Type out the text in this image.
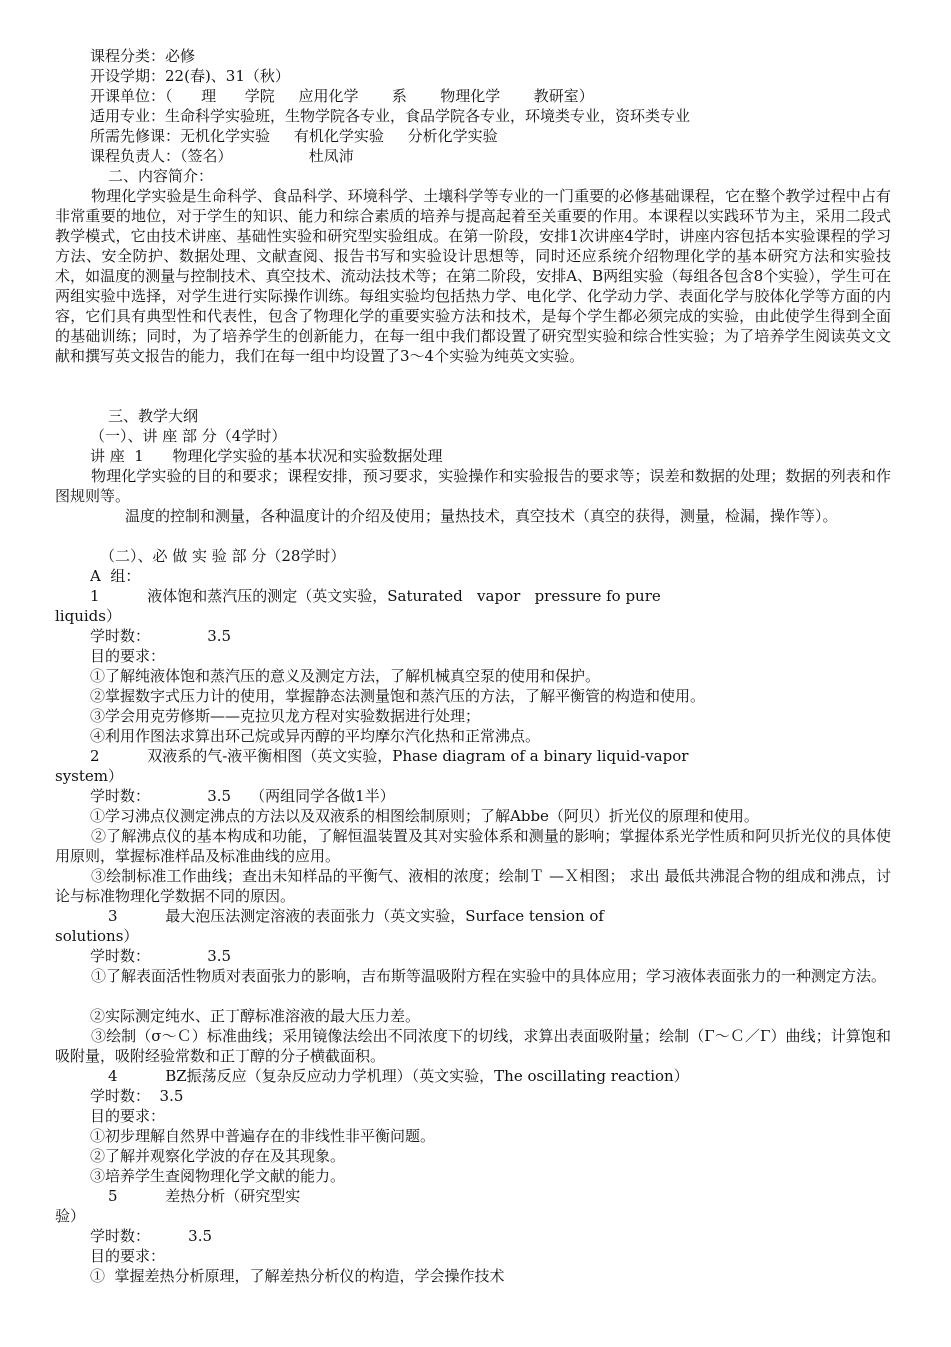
课程分类：必修
开设学期：22(春)、31（秋）
开课单位：（      理      学院     应用化学       系       物理化学       教研室）
适用专业：生命科学实验班，生物学院各专业，食品学院各专业，环境类专业，资环类专业
所需先修课：无机化学实验     有机化学实验     分析化学实验
课程负责人：（签名）                杜凤沛
二、内容简介：
物理化学实验是生命科学、食品科学、环境科学、土壤科学等专业的一门重要的必修基础课程，它在整个教学过程中占有非常重要的地位，对于学生的知识、能力和综合素质的培养与提高起着至关重要的作用。本课程以实践环节为主，采用二段式教学模式，它由技术讲座、基础性实验和研究型实验组成。在第一阶段，安排1次讲座4学时，讲座内容包括本实验课程的学习方法、安全防护、数据处理、文献查阅、报告书写和实验设计思想等，同时还应系统介绍物理化学的基本研究方法和实验技术，如温度的测量与控制技术、真空技术、流动法技术等；在第二阶段，安排A、B两组实验（每组各包含8个实验），学生可在两组实验中选择，对学生进行实际操作训练。每组实验均包括热力学、电化学、化学动力学、表面化学与胶体化学等方面的内容，它们具有典型性和代表性，包含了物理化学的重要实验方法和技术，是每个学生都必须完成的实验，由此使学生得到全面的基础训练；同时，为了培养学生的创新能力，在每一组中我们都设置了研究型实验和综合性实验；为了培养学生阅读英文文献和撰写英文报告的能力，我们在每一组中均设置了3～4个实验为纯英文实验。
三、教学大纲
（一）、讲 座 部 分（4学时）
讲 座  1      物理化学实验的基本状况和实验数据处理
物理化学实验的目的和要求；课程安排，预习要求，实验操作和实验报告的要求等；误差和数据的处理；数据的列表和作图规则等。
温度的控制和测量，各种温度计的介绍及使用；量热技术，真空技术（真空的获得，测量，检漏，操作等）。
（二）、必 做 实 验 部 分（28学时）
A  组：
1          液体饱和蒸汽压的测定（英文实验，Saturated   vapor   pressure fo pure
liquids）
学时数：            3.5
目的要求：
①了解纯液体饱和蒸汽压的意义及测定方法，了解机械真空泵的使用和保护。
②掌握数字式压力计的使用，掌握静态法测量饱和蒸汽压的方法，了解平衡管的构造和使用。
③学会用克劳修斯——克拉贝龙方程对实验数据进行处理；
④利用作图法求算出环己烷或异丙醇的平均摩尔汽化热和正常沸点。
2          双液系的气-液平衡相图（英文实验，Phase diagram of a binary liquid-vapor
system）
学时数：            3.5    （两组同学各做1半）
①学习沸点仪测定沸点的方法以及双液系的相图绘制原则；了解Abbe（阿贝）折光仪的原理和使用。
②了解沸点仪的基本构成和功能，了解恒温装置及其对实验体系和测量的影响；掌握体系光学性质和阿贝折光仪的具体使用原则，掌握标准样品及标准曲线的应用。
③绘制标准工作曲线；查出未知样品的平衡气、液相的浓度；绘制Ｔ —Ｘ相图； 求出 最低共沸混合物的组成和沸点，讨论与标准物理化学数据不同的原因。
3          最大泡压法测定溶液的表面张力（英文实验，Surface tension of
solutions）
学时数：            3.5
①了解表面活性物质对表面张力的影响，吉布斯等温吸附方程在实验中的具体应用；学习液体表面张力的一种测定方法。
②实际测定纯水、正丁醇标准溶液的最大压力差。
③绘制（σ～Ｃ）标准曲线；采用镜像法绘出不同浓度下的切线，求算出表面吸附量；绘制（Γ～Ｃ／Γ）曲线；计算饱和吸附量，吸附经验常数和正丁醇的分子横截面积。
4          BZ振荡反应（复杂反应动力学机理）（英文实验，The oscillating reaction）
学时数：  3.5
目的要求：
①初步理解自然界中普遍存在的非线性非平衡问题。
②了解并观察化学波的存在及其现象。
③培养学生查阅物理化学文献的能力。
5          差热分析（研究型实
验）
学时数：        3.5
目的要求：
①  掌握差热分析原理，了解差热分析仪的构造，学会操作技术
